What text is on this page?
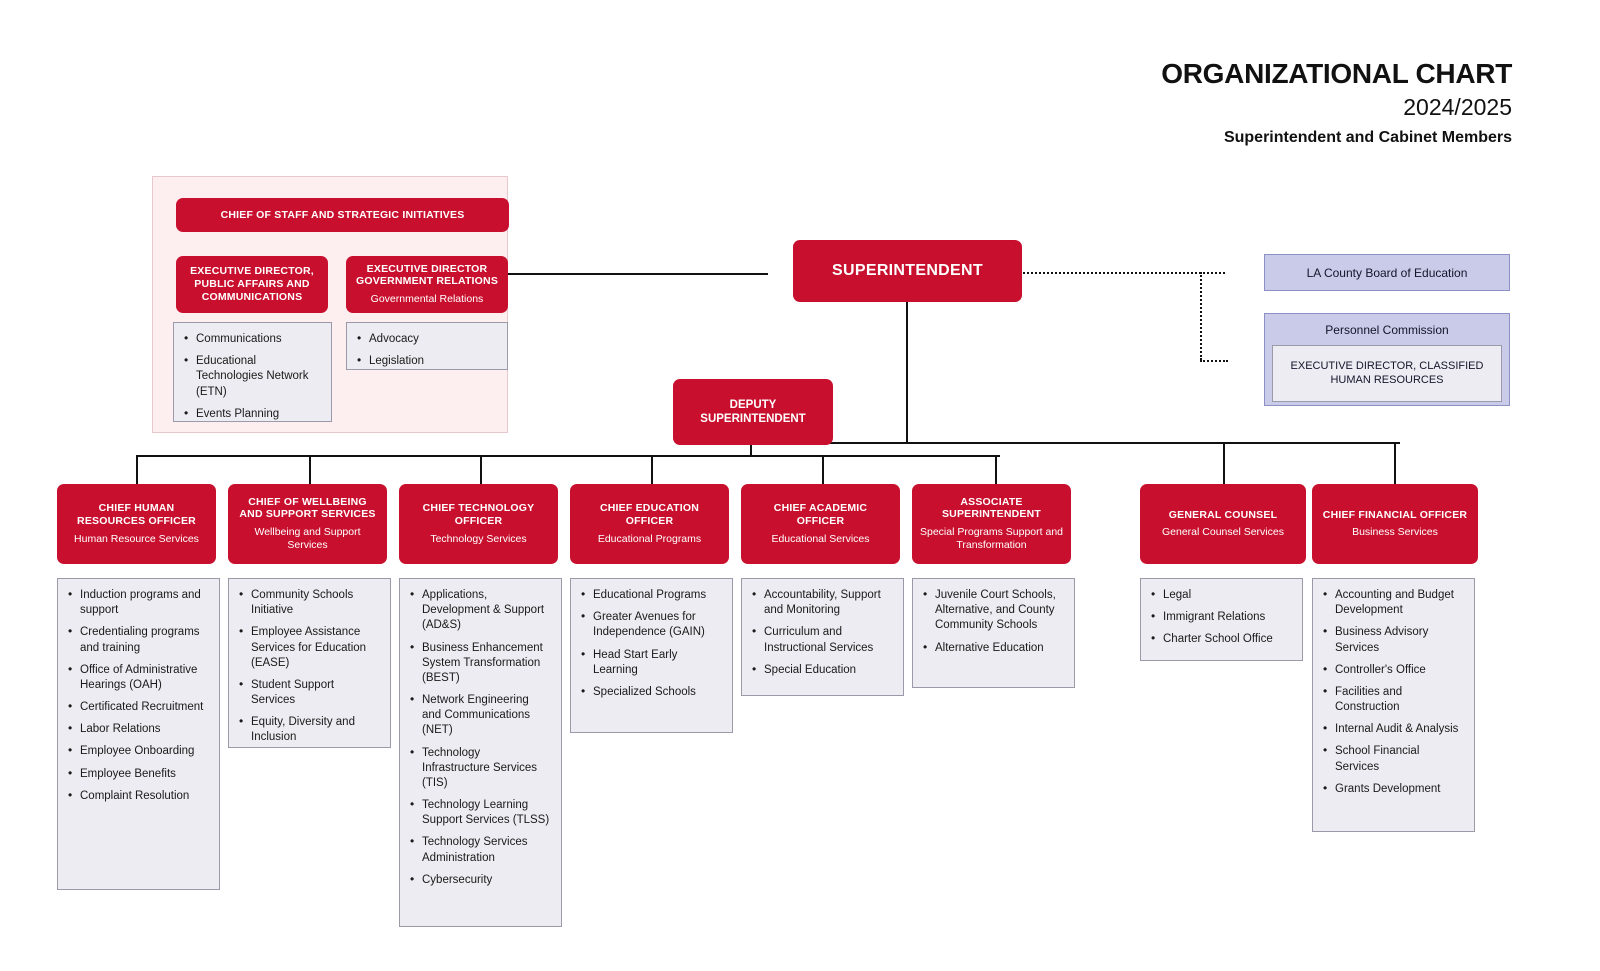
ORGANIZATIONAL CHART
2024/2025
Superintendent and Cabinet Members
SUPERINTENDENT
DEPUTY
SUPERINTENDENT
CHIEF OF STAFF AND STRATEGIC INITIATIVES
EXECUTIVE DIRECTOR, PUBLIC AFFAIRS AND COMMUNICATIONS
EXECUTIVE DIRECTOR GOVERNMENT RELATIONS
Governmental Relations
• Communications
• Educational Technologies Network (ETN)
• Events Planning
• Advocacy
• Legislation
LA County Board of Education
Personnel Commission
EXECUTIVE DIRECTOR, CLASSIFIED HUMAN RESOURCES
CHIEF HUMAN RESOURCES OFFICER
Human Resource Services
CHIEF OF WELLBEING AND SUPPORT SERVICES
Wellbeing and Support Services
CHIEF TECHNOLOGY OFFICER
Technology Services
CHIEF EDUCATION OFFICER
Educational Programs
CHIEF ACADEMIC OFFICER
Educational Services
ASSOCIATE SUPERINTENDENT
Special Programs Support and Transformation
GENERAL COUNSEL
General Counsel Services
CHIEF FINANCIAL OFFICER
Business Services
• Induction programs and support
• Credentialing programs and training
• Office of Administrative Hearings (OAH)
• Certificated Recruitment
• Labor Relations
• Employee Onboarding
• Employee Benefits
• Complaint Resolution
• Community Schools Initiative
• Employee Assistance Services for Education (EASE)
• Student Support Services
• Equity, Diversity and Inclusion
• Applications, Development & Support (AD&S)
• Business Enhancement System Transformation (BEST)
• Network Engineering and Communications (NET)
• Technology Infrastructure Services (TIS)
• Technology Learning Support Services (TLSS)
• Technology Services Administration
• Cybersecurity
• Educational Programs
• Greater Avenues for Independence (GAIN)
• Head Start Early Learning
• Specialized Schools
• Accountability, Support and Monitoring
• Curriculum and Instructional Services
• Special Education
• Juvenile Court Schools, Alternative, and County Community Schools
• Alternative Education
• Legal
• Immigrant Relations
• Charter School Office
• Accounting and Budget Development
• Business Advisory Services
• Controller's Office
• Facilities and Construction
• Internal Audit & Analysis
• School Financial Services
• Grants Development
